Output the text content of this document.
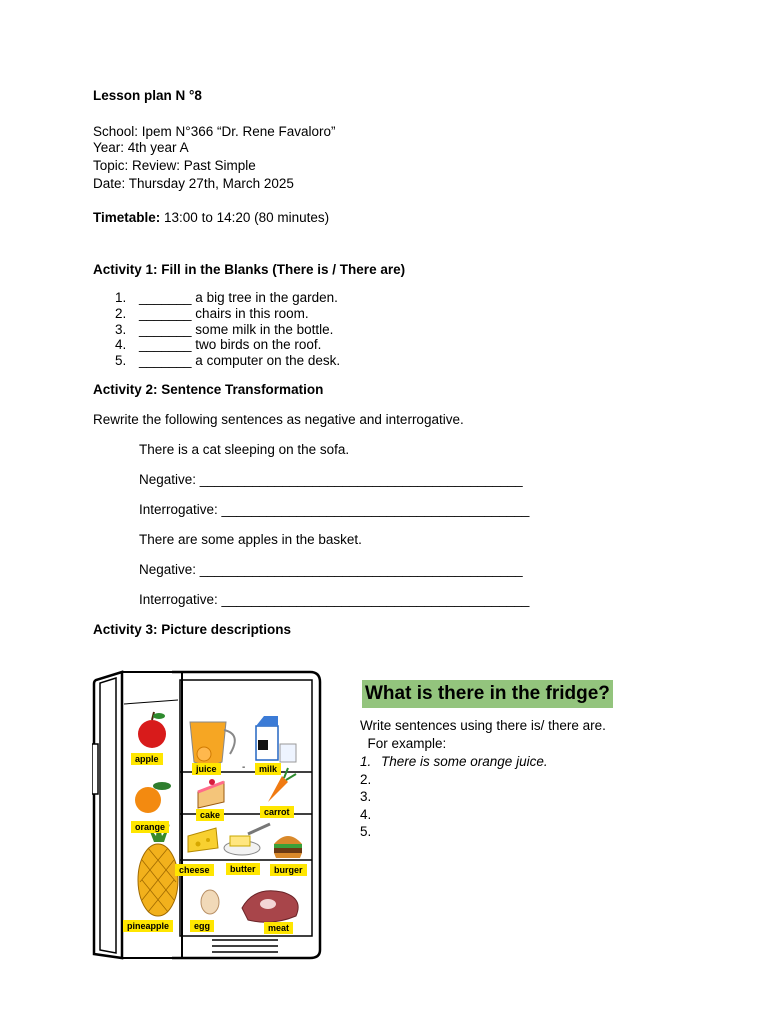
Lesson plan N °8
School: Ipem N°366 “Dr. Rene Favaloro”
Year: 4th year A
Topic: Review: Past Simple
Date: Thursday 27th, March 2025
Timetable: 13:00 to 14:20 (80 minutes)
Activity 1: Fill in the Blanks (There is / There are)
1. _______ a big tree in the garden.
2. _______ chairs in this room.
3. _______ some milk in the bottle.
4. _______ two birds on the roof.
5. _______ a computer on the desk.
Activity 2: Sentence Transformation
Rewrite the following sentences as negative and interrogative.
There is a cat sleeping on the sofa.
Negative: ___________________________________________
Interrogative: _________________________________________
There are some apples in the basket.
Negative: ___________________________________________
Interrogative: _________________________________________
Activity 3: Picture descriptions
apple
juice	-	milk
orange
cake	carrot
cheese	butter	burger
pineapple	egg	meat
What is there in the fridge?
Write sentences using there is/ there are.
For example:
1. There is some orange juice.
2.
3.
4.
5.
